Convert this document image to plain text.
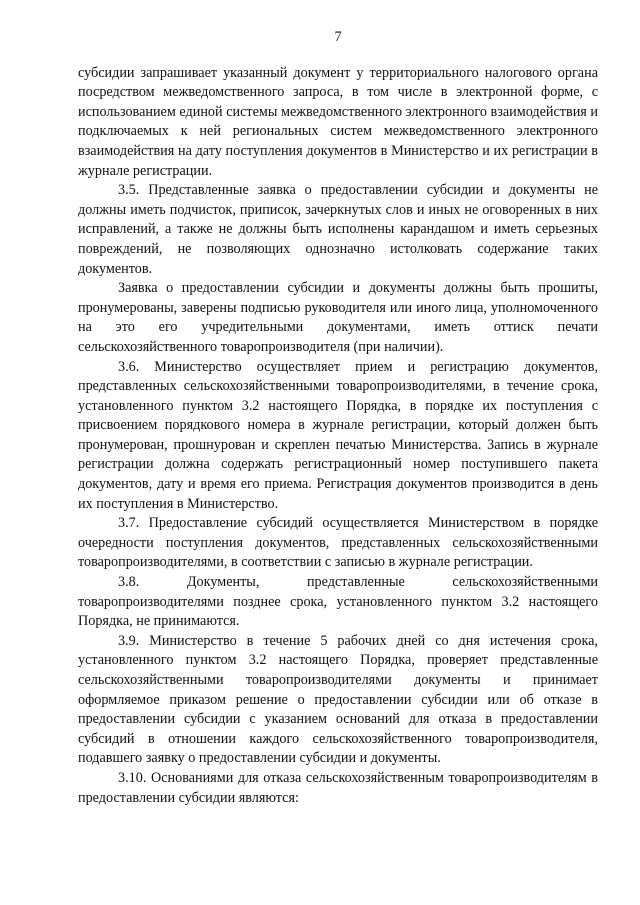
7

субсидии запрашивает указанный документ у территориального налогового органа посредством межведомственного запроса, в том числе в электронной форме, с использованием единой системы межведомственного электронного взаимодействия и подключаемых к ней региональных систем межведомственного электронного взаимодействия на дату поступления документов в Министерство и их регистрации в журнале регистрации.

3.5. Представленные заявка о предоставлении субсидии и документы не должны иметь подчисток, приписок, зачеркнутых слов и иных не оговоренных в них исправлений, а также не должны быть исполнены карандашом и иметь серьезных повреждений, не позволяющих однозначно истолковать содержание таких документов.

Заявка о предоставлении субсидии и документы должны быть прошиты, пронумерованы, заверены подписью руководителя или иного лица, уполномоченного на это его учредительными документами, иметь оттиск печати сельскохозяйственного товаропроизводителя (при наличии).

3.6. Министерство осуществляет прием и регистрацию документов, представленных сельскохозяйственными товаропроизводителями, в течение срока, установленного пунктом 3.2 настоящего Порядка, в порядке их поступления с присвоением порядкового номера в журнале регистрации, который должен быть пронумерован, прошнурован и скреплен печатью Министерства. Запись в журнале регистрации должна содержать регистрационный номер поступившего пакета документов, дату и время его приема. Регистрация документов производится в день их поступления в Министерство.

3.7. Предоставление субсидий осуществляется Министерством в порядке очередности поступления документов, представленных сельскохозяйственными товаропроизводителями, в соответствии с записью в журнале регистрации.

3.8. Документы, представленные сельскохозяйственными товаропроизводителями позднее срока, установленного пунктом 3.2 настоящего Порядка, не принимаются.

3.9. Министерство в течение 5 рабочих дней со дня истечения срока, установленного пунктом 3.2 настоящего Порядка, проверяет представленные сельскохозяйственными товаропроизводителями документы и принимает оформляемое приказом решение о предоставлении субсидии или об отказе в предоставлении субсидии с указанием оснований для отказа в предоставлении субсидий в отношении каждого сельскохозяйственного товаропроизводителя, подавшего заявку о предоставлении субсидии и документы.

3.10. Основаниями для отказа сельскохозяйственным товаропроизводителям в предоставлении субсидии являются:
